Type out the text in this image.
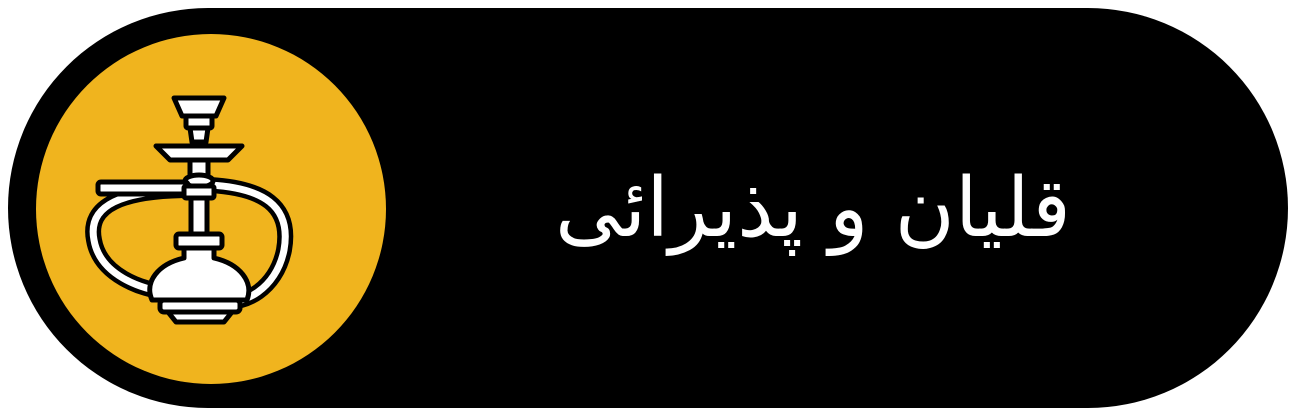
قلیان و پذیرائی
